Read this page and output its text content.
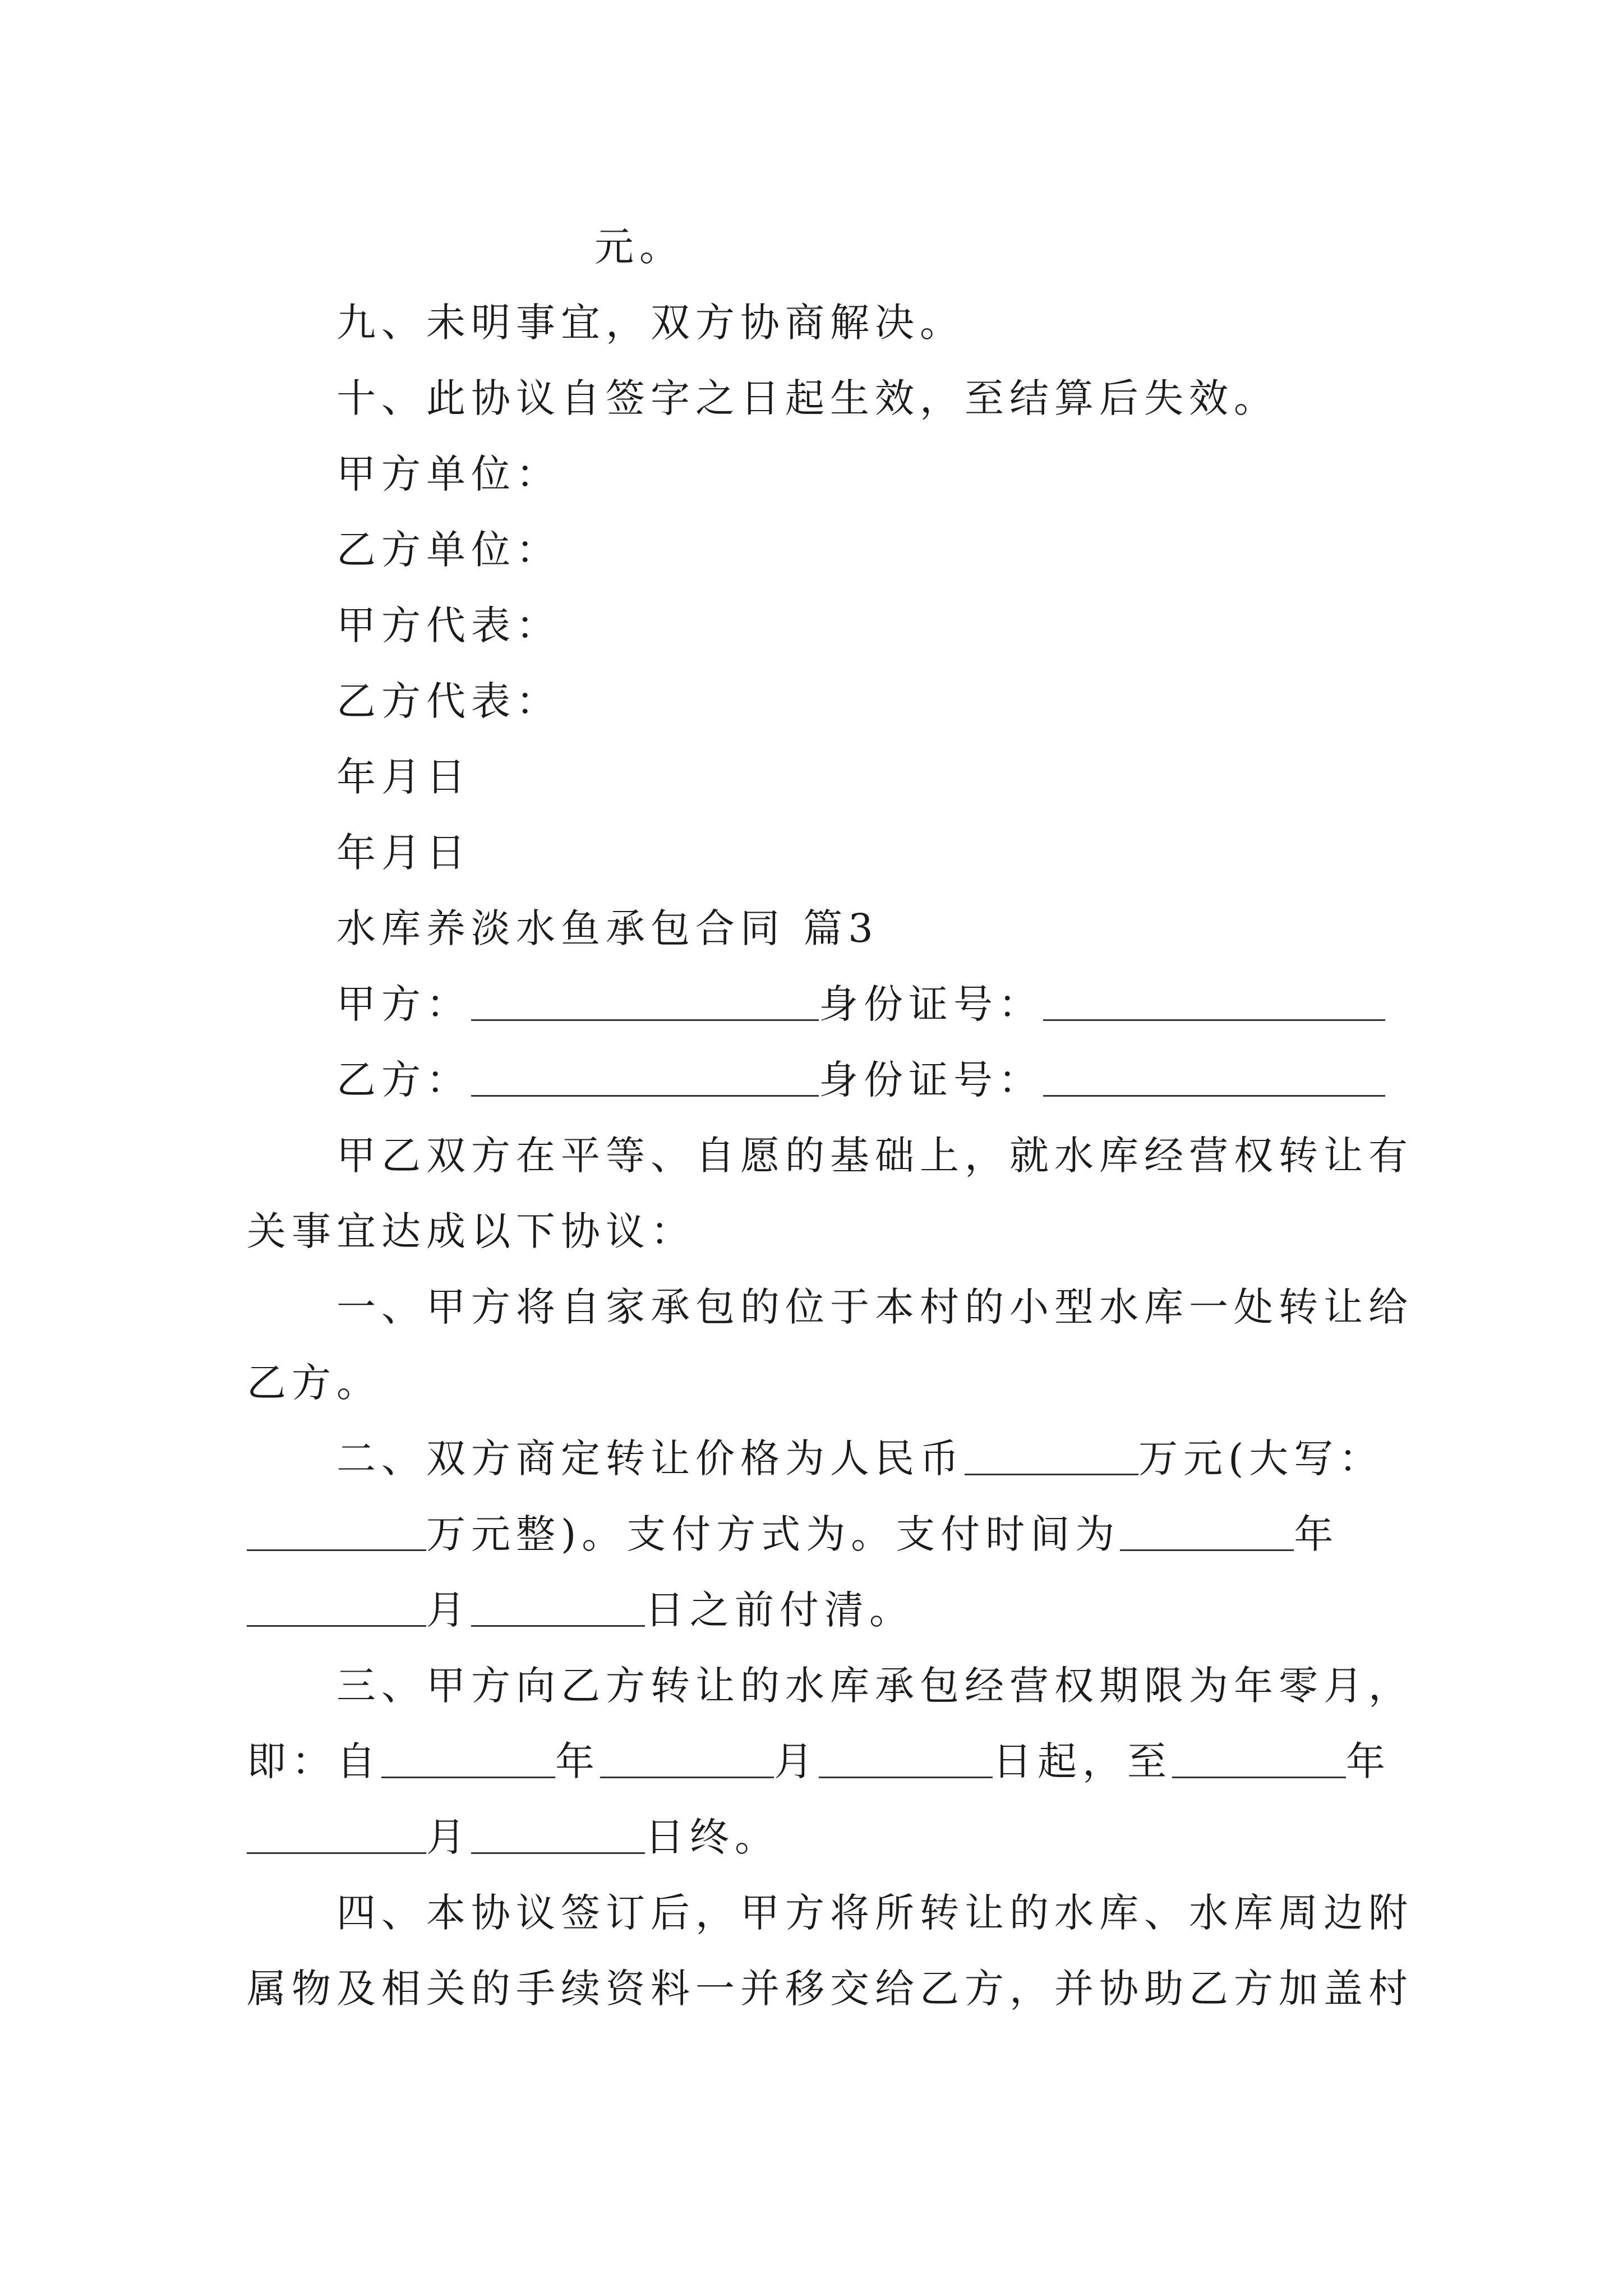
元。
九、未明事宜，双方协商解决。
十、此协议自签字之日起生效，至结算后失效。
甲方单位：
乙方单位：
甲方代表：
乙方代表：
年月日
年月日
水库养淡水鱼承包合同 篇3
甲方：	身份证号：
乙方：	身份证号：
甲乙双方在平等、自愿的基础上，就水库经营权转让有
关事宜达成以下协议：
一、甲方将自家承包的位于本村的小型水库一处转让给
乙方。
二、双方商定转让价格为人民币	万元(大写：
万元整)。支付方式为。支付时间为	年
月	日之前付清。
三、甲方向乙方转让的水库承包经营权期限为年零月，
即：自	年	月	日起，至	年
月	日终。
四、本协议签订后，甲方将所转让的水库、水库周边附
属物及相关的手续资料一并移交给乙方，并协助乙方加盖村
